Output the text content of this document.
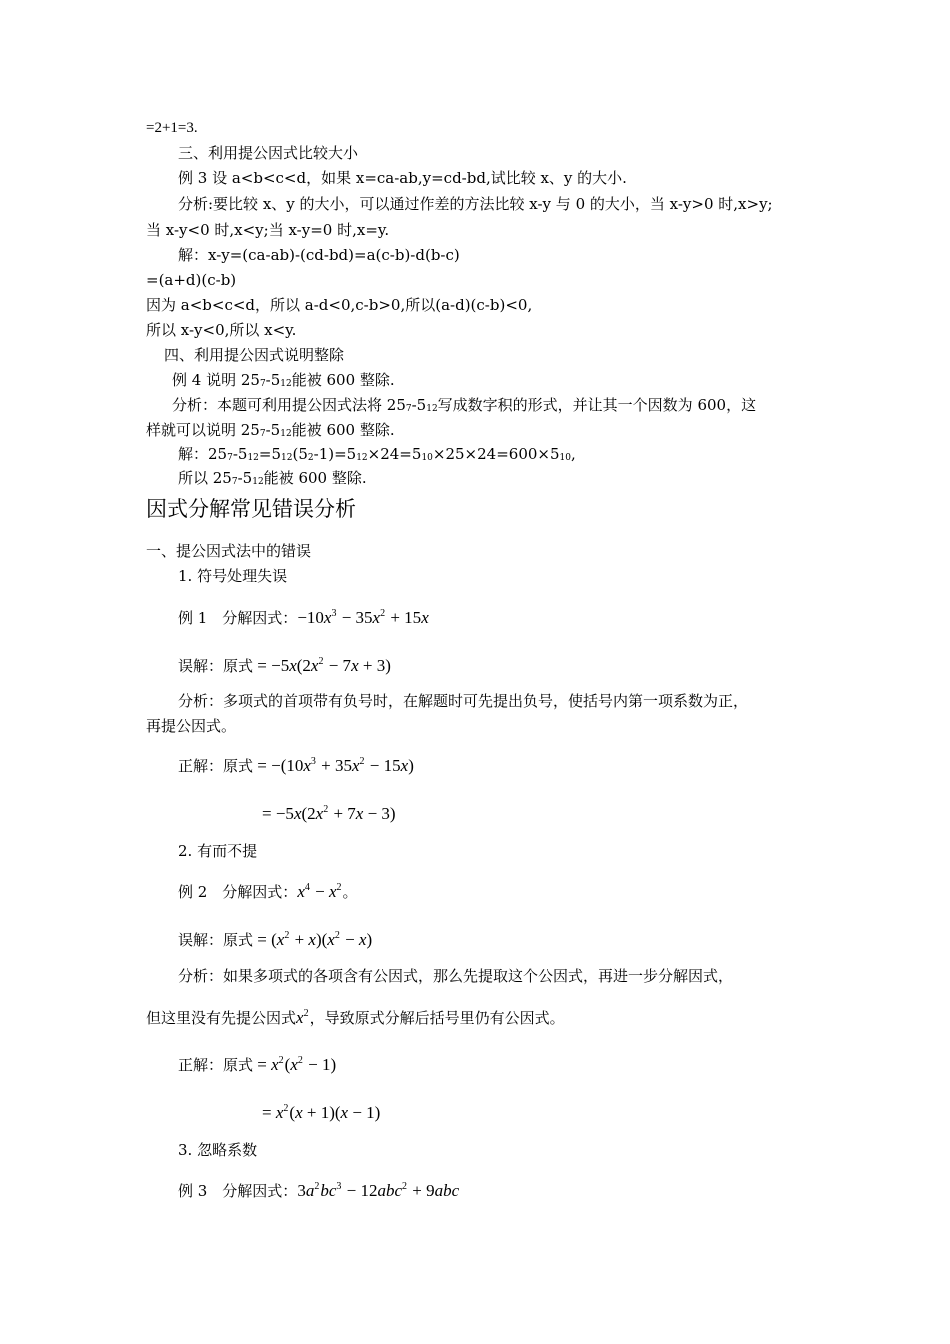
=2+1=3.
三、利用提公因式比较大小
例 3 设 a<b<c<d，如果 x=ca-ab,y=cd-bd,试比较 x、y 的大小.
分析:要比较 x、y 的大小，可以通过作差的方法比较 x-y 与 0 的大小，当 x-y>0 时,x>y;
当 x-y<0 时,x<y;当 x-y=0 时,x=y.
解：x-y=(ca-ab)-(cd-bd)=a(c-b)-d(b-c)
=(a+d)(c-b)
因为 a<b<c<d，所以 a-d<0,c-b>0,所以(a-d)(c-b)<0,
所以 x-y<0,所以 x<y.
四、利用提公因式说明整除
例 4 说明 $25_7-5_{12}$能被 600 整除.
分析：本题可利用提公因式法将 $25_7-5_{12}$写成数字积的形式，并让其一个因数为 600，这
样就可以说明 $25_7-5_{12}$能被 600 整除.
解：$25_7-5_{12}=5_{12}(5_2-1)=5_{12}\times 24=5_{10}\times 25\times 24=600\times 5_{10}$,
所以 $25_7-5_{12}$能被 600 整除.
因式分解常见错误分析
一、提公因式法中的错误
1. 符号处理失误
例 1　分解因式：$-10x^3 - 35x^2 + 15x$
误解：原式 = $-5x(2x^2 - 7x + 3)$
分析：多项式的首项带有负号时，在解题时可先提出负号，使括号内第一项系数为正，
再提公因式。
正解：原式 = $-(10x^3 + 35x^2 - 15x)$
= $-5x(2x^2 + 7x - 3)$
2. 有而不提
例 2　分解因式：$x^4 - x^2$。
误解：原式 = $(x^2 + x)(x^2 - x)$
分析：如果多项式的各项含有公因式，那么先提取这个公因式，再进一步分解因式，
但这里没有先提公因式$x^2$，导致原式分解后括号里仍有公因式。
正解：原式 = $x^2(x^2 - 1)$
= $x^2(x + 1)(x - 1)$
3. 忽略系数
例 3　分解因式：$3a^2bc^3 - 12abc^2 + 9abc$
